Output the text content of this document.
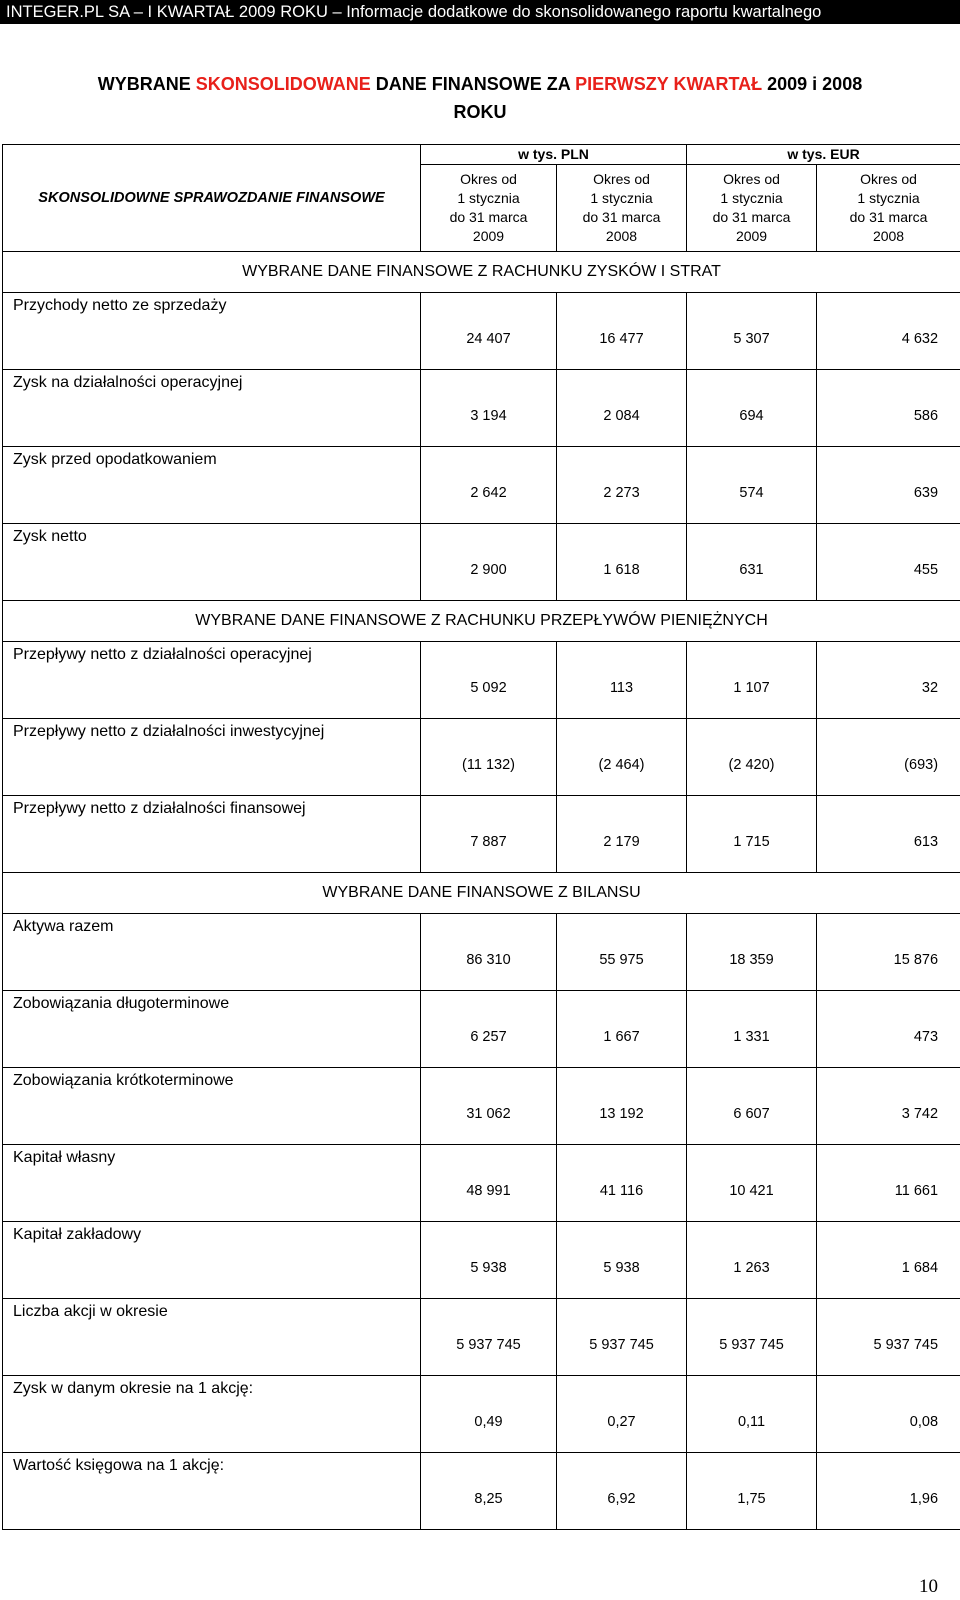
INTEGER.PL SA – I KWARTAŁ 2009 ROKU – Informacje dodatkowe do skonsolidowanego raportu kwartalnego
WYBRANE SKONSOLIDOWANE DANE FINANSOWE ZA PIERWSZY KWARTAŁ 2009 i 2008
ROKU
SKONSOLIDOWNE SPRAWOZDANIE FINANSOWE	w tys. PLN		w tys. EUR	
	Okres od
1 stycznia
do 31 marca
2009	Okres od
1 stycznia
do 31 marca
2008	Okres od
1 stycznia
do 31 marca
2009	Okres od
1 stycznia
do 31 marca
2008
WYBRANE DANE FINANSOWE Z RACHUNKU ZYSKÓW I STRAT				
Przychody netto ze sprzedaży	24 407	16 477	5 307	4 632
Zysk na działalności operacyjnej	3 194	2 084	694	586
Zysk przed opodatkowaniem	2 642	2 273	574	639
Zysk netto	2 900	1 618	631	455
WYBRANE DANE FINANSOWE Z RACHUNKU PRZEPŁYWÓW PIENIĘŻNYCH				
Przepływy netto z działalności operacyjnej	5 092	113	1 107	32
Przepływy netto z działalności inwestycyjnej	(11 132)	(2 464)	(2 420)	(693)
Przepływy netto z działalności finansowej	7 887	2 179	1 715	613
WYBRANE DANE FINANSOWE Z BILANSU				
Aktywa razem	86 310	55 975	18 359	15 876
Zobowiązania długoterminowe	6 257	1 667	1 331	473
Zobowiązania krótkoterminowe	31 062	13 192	6 607	3 742
Kapitał własny	48 991	41 116	10 421	11 661
Kapitał zakładowy	5 938	5 938	1 263	1 684
Liczba akcji w okresie	5 937 745	5 937 745	5 937 745	5 937 745
Zysk w danym okresie na 1 akcję:	0,49	0,27	0,11	0,08
Wartość księgowa na 1 akcję:	8,25	6,92	1,75	1,96
10
